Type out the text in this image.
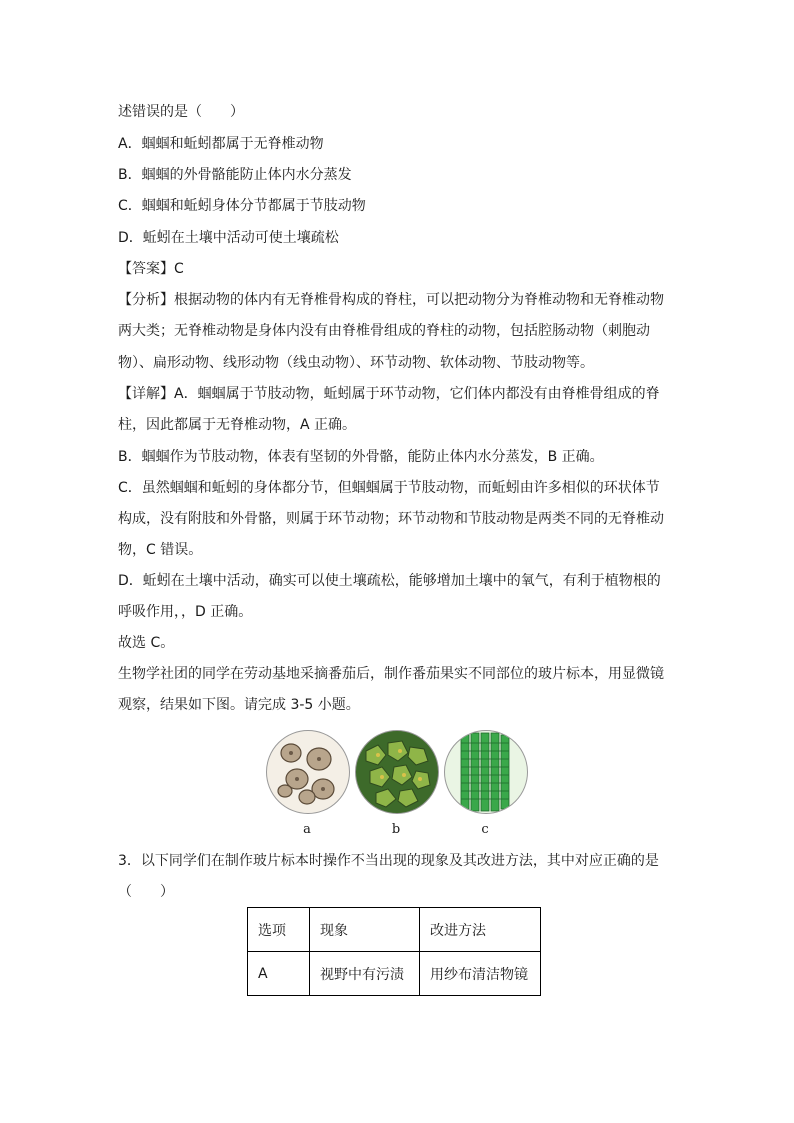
述错误的是（　　）
A．蝈蝈和蚯蚓都属于无脊椎动物
B．蝈蝈的外骨骼能防止体内水分蒸发
C．蝈蝈和蚯蚓身体分节都属于节肢动物
D．蚯蚓在土壤中活动可使土壤疏松
【答案】C
【分析】根据动物的体内有无脊椎骨构成的脊柱，可以把动物分为脊椎动物和无脊椎动物
两大类；无脊椎动物是身体内没有由脊椎骨组成的脊柱的动物，包括腔肠动物（刺胞动
物）、扁形动物、线形动物（线虫动物）、环节动物、软体动物、节肢动物等。
【详解】A．蝈蝈属于节肢动物，蚯蚓属于环节动物，它们体内都没有由脊椎骨组成的脊
柱，因此都属于无脊椎动物，A 正确。
B．蝈蝈作为节肢动物，体表有坚韧的外骨骼，能防止体内水分蒸发，B 正确。
C．虽然蝈蝈和蚯蚓的身体都分节，但蝈蝈属于节肢动物，而蚯蚓由许多相似的环状体节
构成，没有附肢和外骨骼，则属于环节动物；环节动物和节肢动物是两类不同的无脊椎动
物，C 错误。
D．蚯蚓在土壤中活动，确实可以使土壤疏松，能够增加土壤中的氧气，有利于植物根的
呼吸作用，，D 正确。
故选 C。
生物学社团的同学在劳动基地采摘番茄后，制作番茄果实不同部位的玻片标本，用显微镜
观察，结果如下图。请完成 3-5 小题。
a	b	c
3．以下同学们在制作玻片标本时操作不当出现的现象及其改进方法，其中对应正确的是
（　　）
选项	现象	改进方法
A	视野中有污渍	用纱布清洁物镜
